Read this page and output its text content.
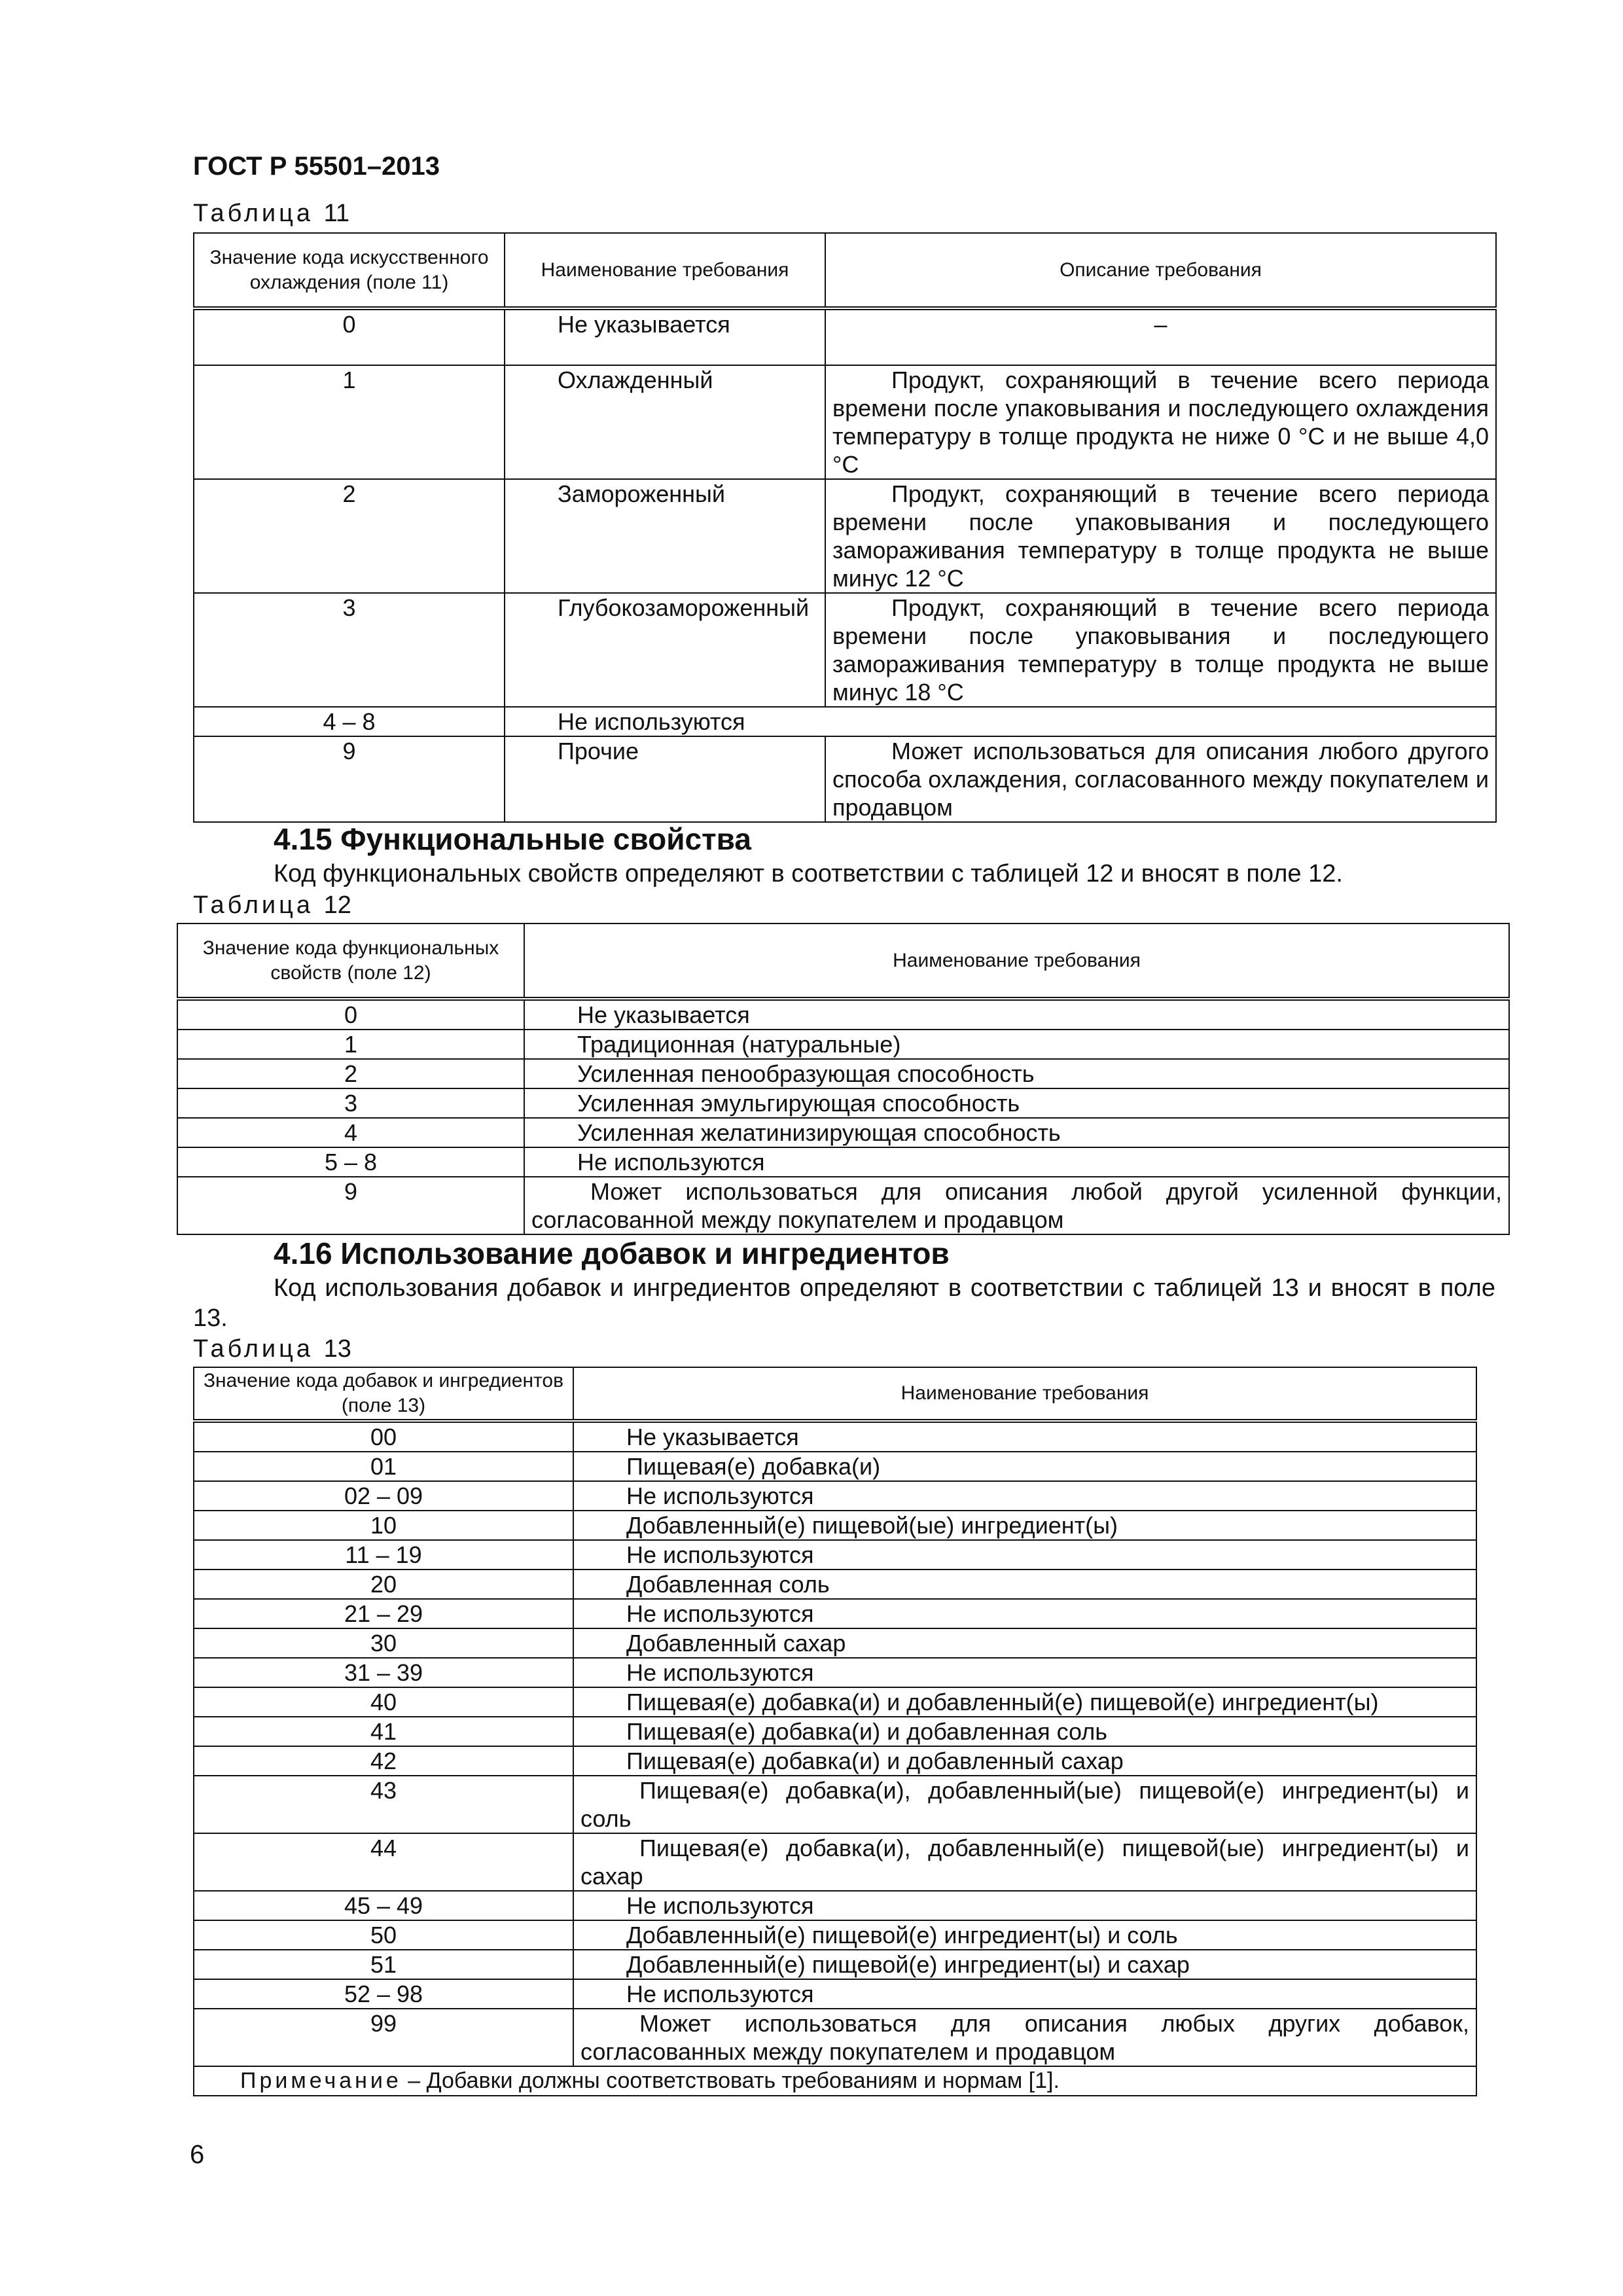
ГОСТ Р 55501–2013
Таблица 11
Значение кода искусственного охлаждения (поле 11)	Наименование требования	Описание требования
0	Не указывается	–
1	Охлажденный	Продукт, сохраняющий в течение всего периода времени после упаковывания и последующего охлаждения температуру в толще продукта не ниже 0 °С и не выше 4,0 °С
2	Замороженный	Продукт, сохраняющий в течение всего периода времени после упаковывания и последующего замораживания температуру в толще продукта не выше минус 12 °С
3	Глубокозамороженный	Продукт, сохраняющий в течение всего периода времени после упаковывания и последующего замораживания температуру в толще продукта не выше минус 18 °С
4 – 8	Не используются	
9	Прочие	Может использоваться для описания любого другого способа охлаждения, согласованного между покупателем и продавцом
4.15 Функциональные свойства
Код функциональных свойств определяют в соответствии с таблицей 12 и вносят в поле 12.
Таблица 12
Значение кода функциональных свойств (поле 12)	Наименование требования
0	Не указывается
1	Традиционная (натуральные)
2	Усиленная пенообразующая способность
3	Усиленная эмульгирующая способность
4	Усиленная желатинизирующая способность
5 – 8	Не используются
9	Может использоваться для описания любой другой усиленной функции, согласованной между покупателем и продавцом
4.16 Использование добавок и ингредиентов
Код использования добавок и ингредиентов определяют в соответствии с таблицей 13 и вносят в поле 13.
Таблица 13
Значение кода добавок и ингредиентов (поле 13)	Наименование требования
00	Не указывается
01	Пищевая(е) добавка(и)
02 – 09	Не используются
10	Добавленный(е) пищевой(ые) ингредиент(ы)
11 – 19	Не используются
20	Добавленная соль
21 – 29	Не используются
30	Добавленный сахар
31 – 39	Не используются
40	Пищевая(е) добавка(и) и добавленный(е) пищевой(е) ингредиент(ы)
41	Пищевая(е) добавка(и) и добавленная соль
42	Пищевая(е) добавка(и) и добавленный сахар
43	Пищевая(е) добавка(и), добавленный(ые) пищевой(е) ингредиент(ы) и соль
44	Пищевая(е) добавка(и), добавленный(е) пищевой(ые) ингредиент(ы) и сахар
45 – 49	Не используются
50	Добавленный(е) пищевой(е) ингредиент(ы) и соль
51	Добавленный(е) пищевой(е) ингредиент(ы) и сахар
52 – 98	Не используются
99	Может использоваться для описания любых других добавок, согласованных между покупателем и продавцом
Примечание – Добавки должны соответствовать требованиям и нормам [1].	
6
